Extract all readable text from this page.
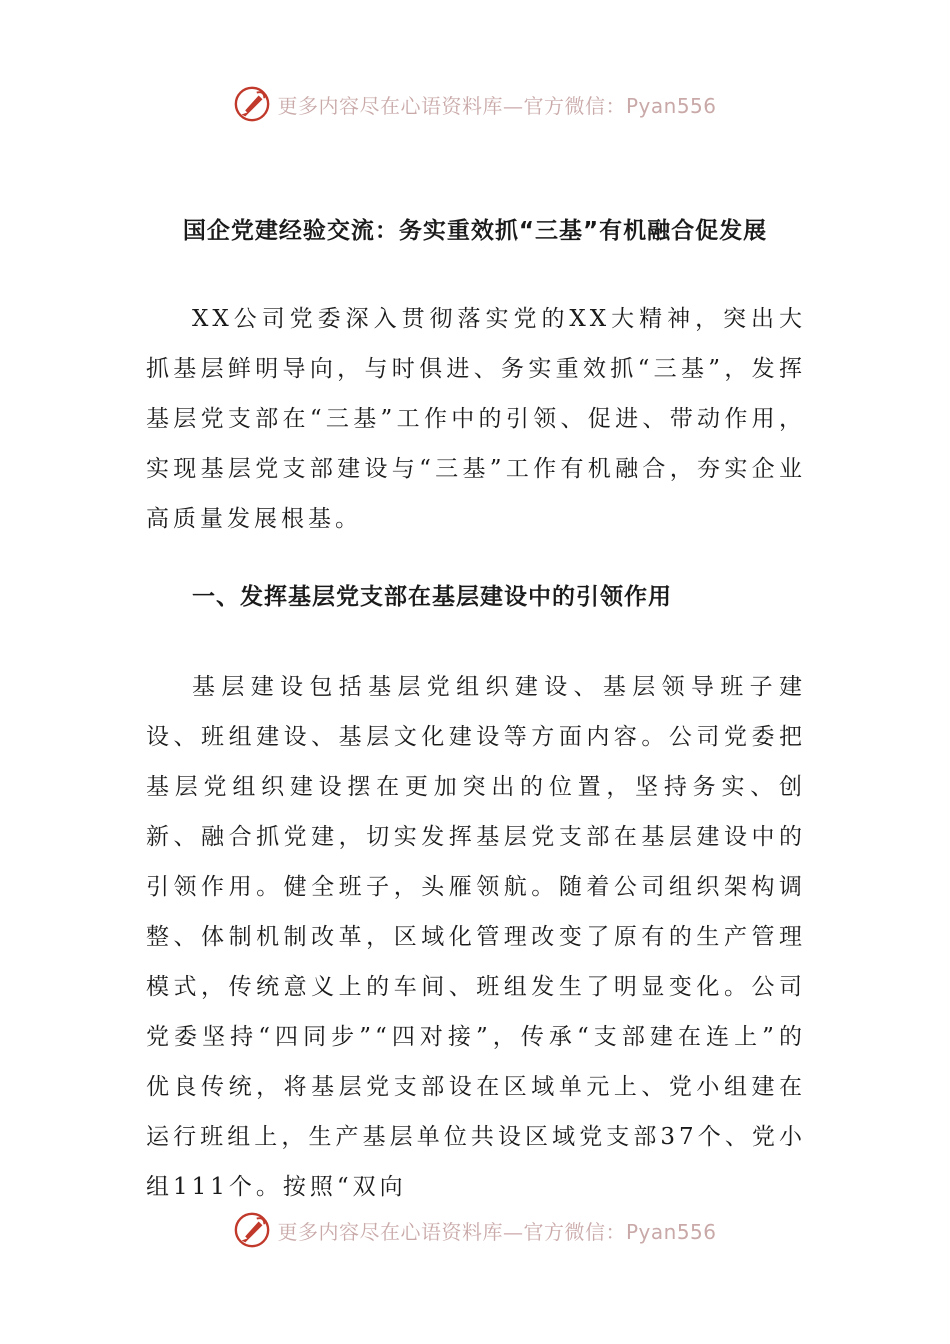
更多内容尽在心语资料库—官方微信：Pyan556
国企党建经验交流：务实重效抓“三基”有机融合促发展

XX公司党委深入贯彻落实党的XX大精神，突出大抓基层鲜明导向，与时俱进、务实重效抓“三基”，发挥基层党支部在“三基”工作中的引领、促进、带动作用，实现基层党支部建设与“三基”工作有机融合，夯实企业高质量发展根基。

一、发挥基层党支部在基层建设中的引领作用

基层建设包括基层党组织建设、基层领导班子建设、班组建设、基层文化建设等方面内容。公司党委把基层党组织建设摆在更加突出的位置，坚持务实、创新、融合抓党建，切实发挥基层党支部在基层建设中的引领作用。健全班子，头雁领航。随着公司组织架构调整、体制机制改革，区域化管理改变了原有的生产管理模式，传统意义上的车间、班组发生了明显变化。公司党委坚持“四同步”“四对接”，传承“支部建在连上”的优良传统，将基层党支部设在区域单元上、党小组建在运行班组上，生产基层单位共设区域党支部37个、党小组111个。按照“双向

更多内容尽在心语资料库—官方微信：Pyan556
